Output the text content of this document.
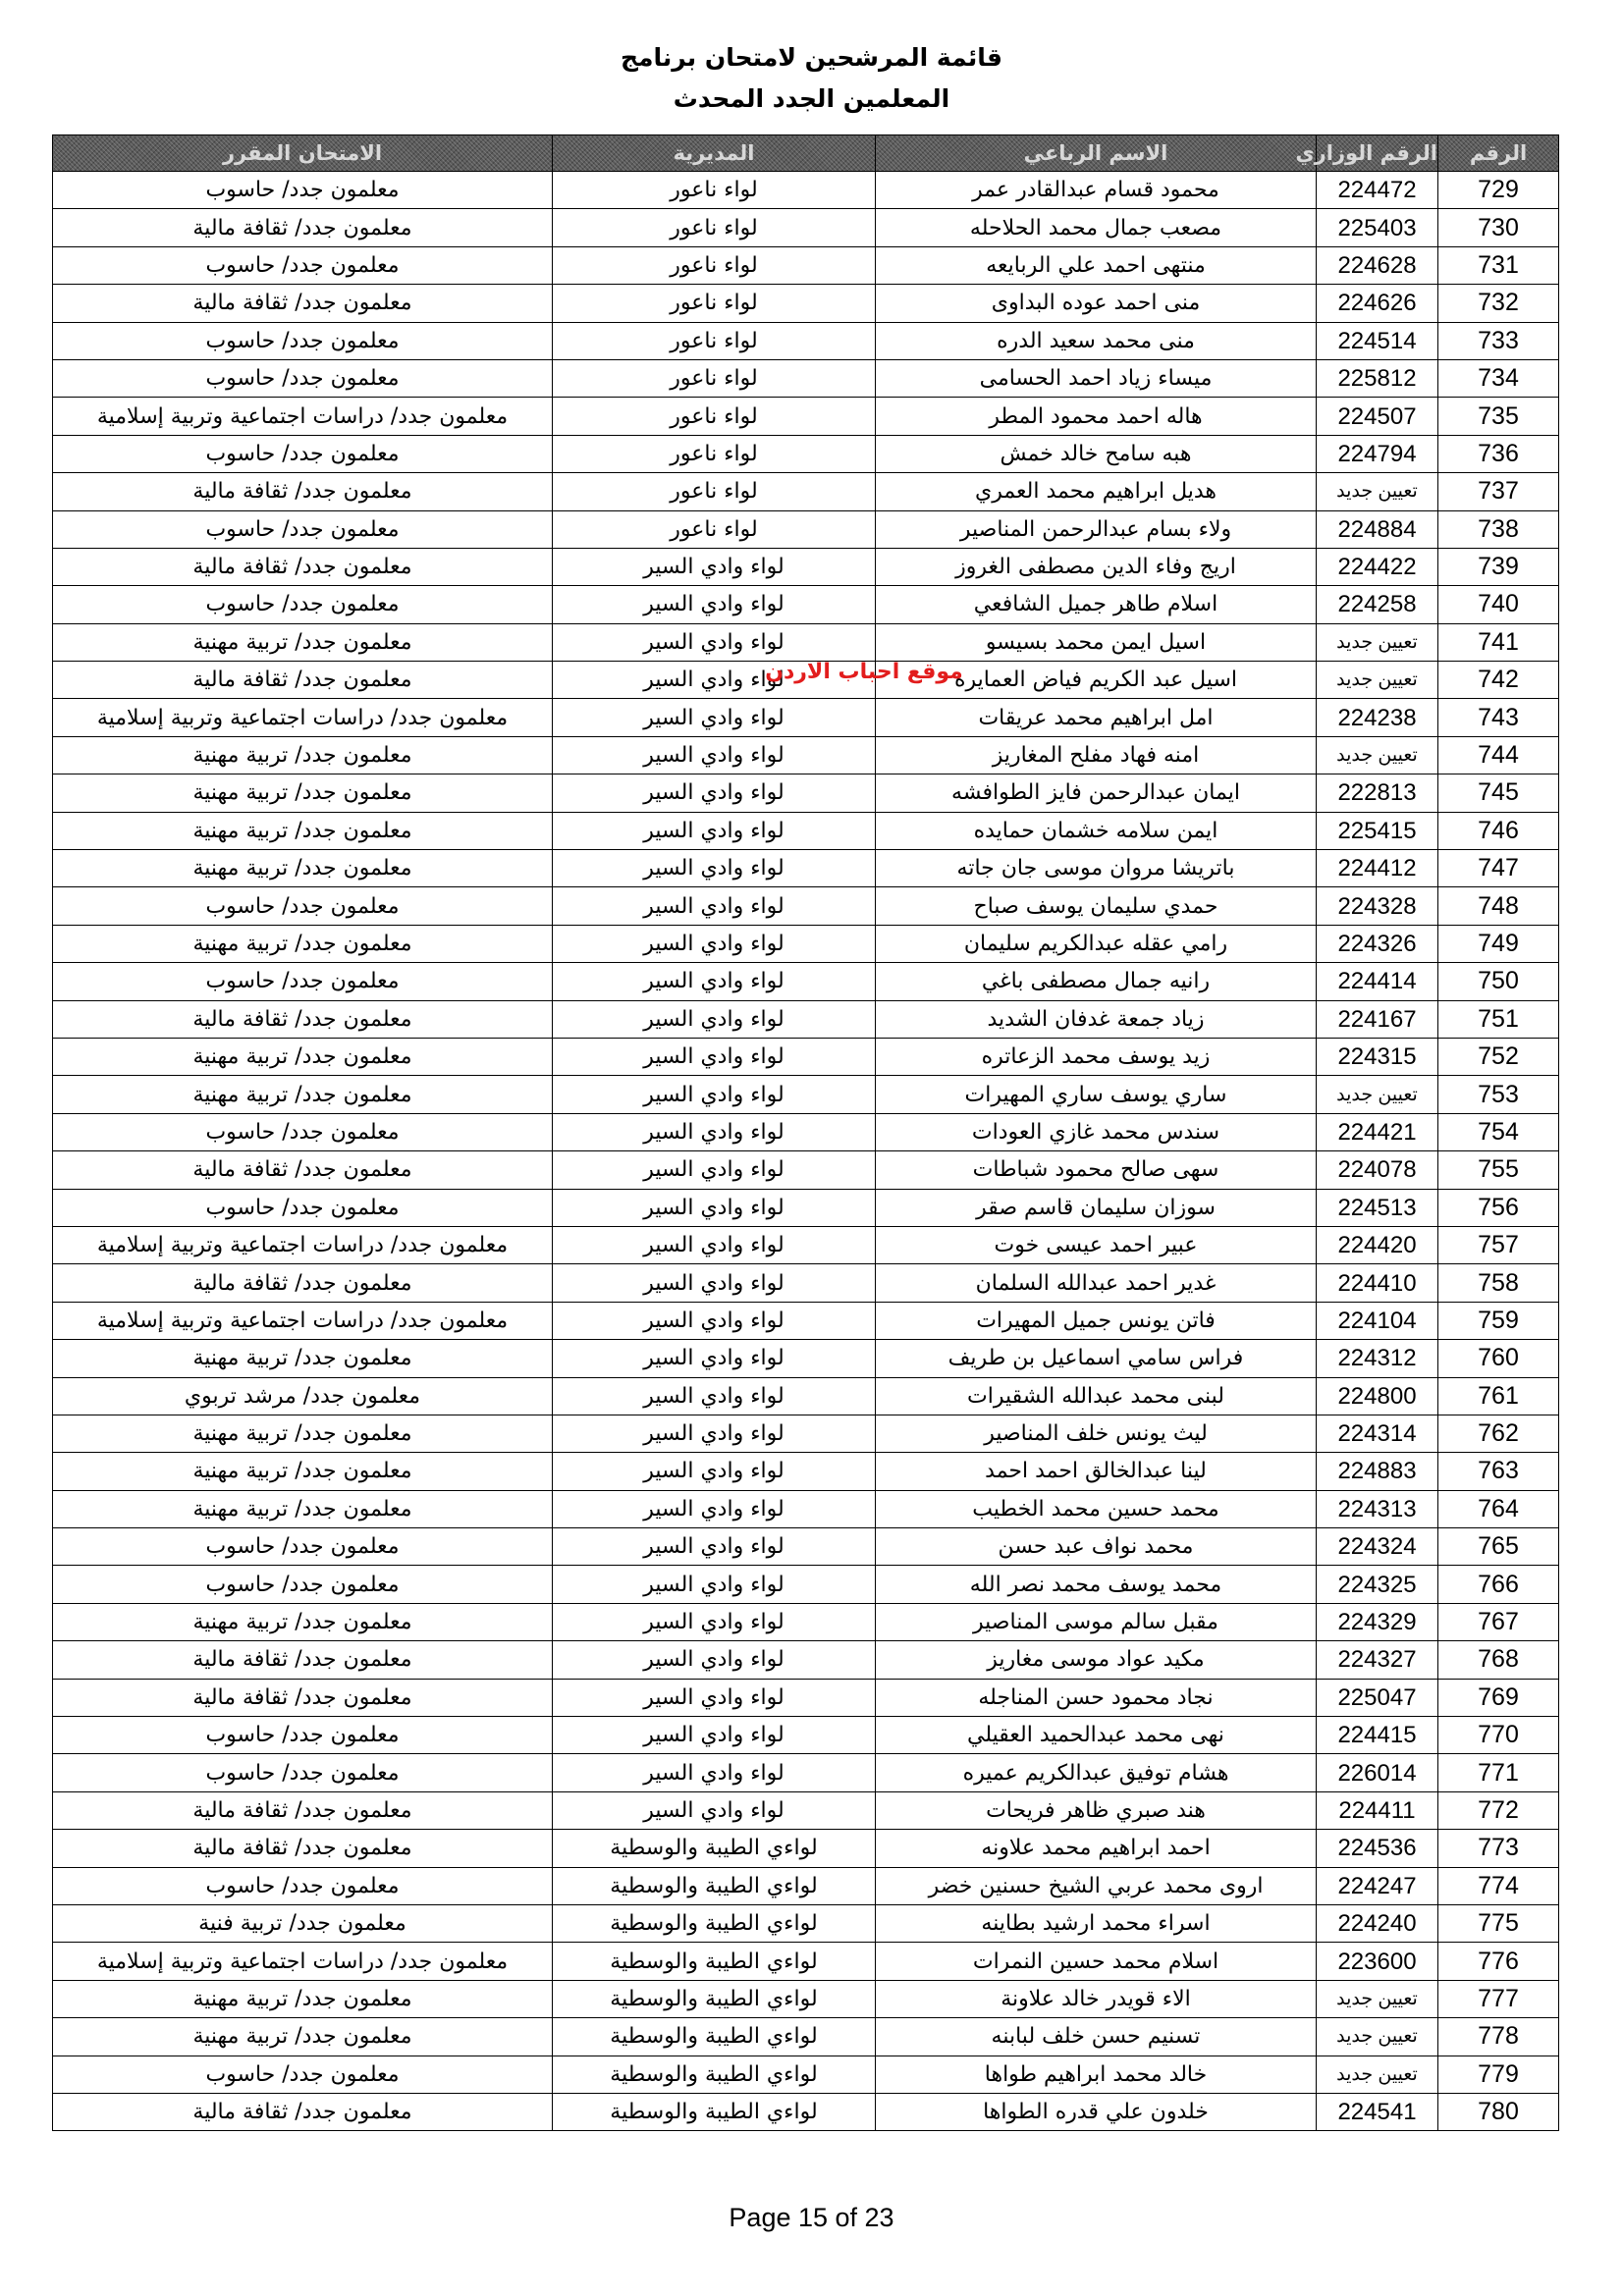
قائمة المرشحين لامتحان برنامج
المعلمين الجدد المحدث
الامتحان المقرر	المديرية	الاسم الرباعي	الرقم الوزاري	الرقم
معلمون جدد/ حاسوب	لواء ناعور	محمود قسام عبدالقادر عمر	224472	729
معلمون جدد/ ثقافة مالية	لواء ناعور	مصعب جمال محمد الحلاحله	225403	730
معلمون جدد/ حاسوب	لواء ناعور	منتهى احمد علي الربايعه	224628	731
معلمون جدد/ ثقافة مالية	لواء ناعور	منى احمد عوده البداوى	224626	732
معلمون جدد/ حاسوب	لواء ناعور	منى محمد سعيد الدره	224514	733
معلمون جدد/ حاسوب	لواء ناعور	ميساء زياد احمد الحسامى	225812	734
معلمون جدد/ دراسات اجتماعية وتربية إسلامية	لواء ناعور	هاله احمد محمود المطر	224507	735
معلمون جدد/ حاسوب	لواء ناعور	هبه سامح خالد خمش	224794	736
معلمون جدد/ ثقافة مالية	لواء ناعور	هديل ابراهيم محمد العمري	تعيين جديد	737
معلمون جدد/ حاسوب	لواء ناعور	ولاء بسام عبدالرحمن المناصير	224884	738
معلمون جدد/ ثقافة مالية	لواء وادي السير	اريج وفاء الدين مصطفى الغروز	224422	739
معلمون جدد/ حاسوب	لواء وادي السير	اسلام طاهر جميل الشافعي	224258	740
معلمون جدد/ تربية مهنية	لواء وادي السير	اسيل ايمن محمد بسيسو	تعيين جديد	741
معلمون جدد/ ثقافة مالية	لواء وادي السير	اسيل عبد الكريم فياض العمايره	تعيين جديد	742
معلمون جدد/ دراسات اجتماعية وتربية إسلامية	لواء وادي السير	امل ابراهيم محمد عريقات	224238	743
معلمون جدد/ تربية مهنية	لواء وادي السير	امنه فهاد مفلح المغاريز	تعيين جديد	744
معلمون جدد/ تربية مهنية	لواء وادي السير	ايمان عبدالرحمن فايز الطوافشه	222813	745
معلمون جدد/ تربية مهنية	لواء وادي السير	ايمن سلامه خشمان حمايده	225415	746
معلمون جدد/ تربية مهنية	لواء وادي السير	باتريشا مروان موسى جان جاته	224412	747
معلمون جدد/ حاسوب	لواء وادي السير	حمدي سليمان يوسف صباح	224328	748
معلمون جدد/ تربية مهنية	لواء وادي السير	رامي عقله عبدالكريم سليمان	224326	749
معلمون جدد/ حاسوب	لواء وادي السير	رانيه جمال مصطفى باغي	224414	750
معلمون جدد/ ثقافة مالية	لواء وادي السير	زياد جمعة غدفان الشديد	224167	751
معلمون جدد/ تربية مهنية	لواء وادي السير	زيد يوسف محمد الزعاتره	224315	752
معلمون جدد/ تربية مهنية	لواء وادي السير	ساري يوسف ساري المهيرات	تعيين جديد	753
معلمون جدد/ حاسوب	لواء وادي السير	سندس محمد غازي العودات	224421	754
معلمون جدد/ ثقافة مالية	لواء وادي السير	سهى صالح محمود شباطات	224078	755
معلمون جدد/ حاسوب	لواء وادي السير	سوزان سليمان قاسم صقر	224513	756
معلمون جدد/ دراسات اجتماعية وتربية إسلامية	لواء وادي السير	عبير احمد عيسى خوت	224420	757
معلمون جدد/ ثقافة مالية	لواء وادي السير	غدير احمد عبدالله السلمان	224410	758
معلمون جدد/ دراسات اجتماعية وتربية إسلامية	لواء وادي السير	فاتن يونس جميل المهيرات	224104	759
معلمون جدد/ تربية مهنية	لواء وادي السير	فراس سامي اسماعيل بن طريف	224312	760
معلمون جدد/ مرشد تربوي	لواء وادي السير	لبنى محمد عبدالله الشقيرات	224800	761
معلمون جدد/ تربية مهنية	لواء وادي السير	ليث يونس خلف المناصير	224314	762
معلمون جدد/ تربية مهنية	لواء وادي السير	لينا عبدالخالق احمد احمد	224883	763
معلمون جدد/ تربية مهنية	لواء وادي السير	محمد حسين محمد الخطيب	224313	764
معلمون جدد/ حاسوب	لواء وادي السير	محمد نواف عبد حسن	224324	765
معلمون جدد/ حاسوب	لواء وادي السير	محمد يوسف محمد نصر الله	224325	766
معلمون جدد/ تربية مهنية	لواء وادي السير	مقبل سالم موسى المناصير	224329	767
معلمون جدد/ ثقافة مالية	لواء وادي السير	مكيد عواد موسى مغاريز	224327	768
معلمون جدد/ ثقافة مالية	لواء وادي السير	نجاد محمود حسن المناجله	225047	769
معلمون جدد/ حاسوب	لواء وادي السير	نهى محمد عبدالحميد العقيلي	224415	770
معلمون جدد/ حاسوب	لواء وادي السير	هشام توفيق عبدالكريم عميره	226014	771
معلمون جدد/ ثقافة مالية	لواء وادي السير	هند صبري ظاهر فريحات	224411	772
معلمون جدد/ ثقافة مالية	لواءي الطيبة والوسطية	احمد ابراهيم محمد علاونه	224536	773
معلمون جدد/ حاسوب	لواءي الطيبة والوسطية	اروى محمد عربي الشيخ حسنين خضر	224247	774
معلمون جدد/ تربية فنية	لواءي الطيبة والوسطية	اسراء محمد ارشيد بطاينه	224240	775
معلمون جدد/ دراسات اجتماعية وتربية إسلامية	لواءي الطيبة والوسطية	اسلام محمد حسين النمرات	223600	776
معلمون جدد/ تربية مهنية	لواءي الطيبة والوسطية	الاء قويدر خالد علاونة	تعيين جديد	777
معلمون جدد/ تربية مهنية	لواءي الطيبة والوسطية	تسنيم حسن خلف لبابنه	تعيين جديد	778
معلمون جدد/ حاسوب	لواءي الطيبة والوسطية	خالد محمد ابراهيم طواها	تعيين جديد	779
معلمون جدد/ ثقافة مالية	لواءي الطيبة والوسطية	خلدون علي قدره الطواها	224541	780
موقع احباب الاردن
Page 15 of 23
